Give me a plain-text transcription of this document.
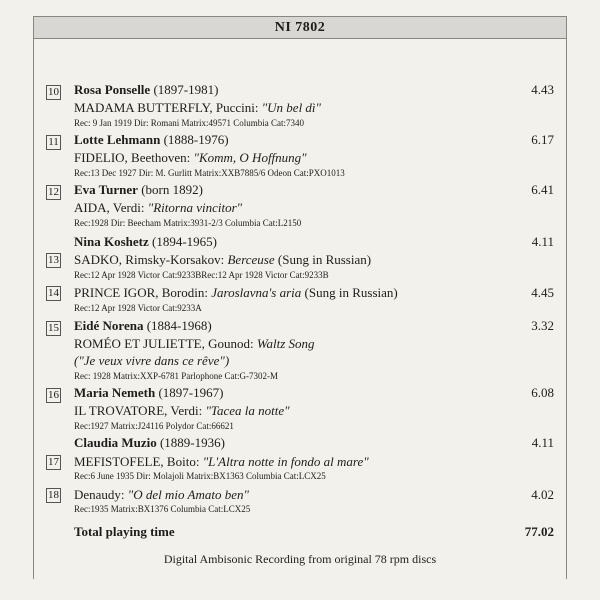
NI 7802
10 Rosa Ponselle (1897-1981)	4.43
MADAMA BUTTERFLY, Puccini: "Un bel dì"
Rec: 9 Jan 1919 Dir: Romani Matrix:49571 Columbia Cat:7340
11 Lotte Lehmann (1888-1976)	6.17
FIDELIO, Beethoven: "Komm, O Hoffnung"
Rec:13 Dec 1927 Dir: M. Gurlitt Matrix:XXB7885/6 Odeon Cat:PXO1013
12 Eva Turner (born 1892)	6.41
AIDA, Verdi: "Ritorna vincitor"
Rec:1928 Dir: Beecham Matrix:3931-2/3 Columbia Cat:L2150
Nina Koshetz (1894-1965)	4.11
13 SADKO, Rimsky-Korsakov: Berceuse (Sung in Russian)
Rec:12 Apr 1928 Victor Cat:9233BRec:12 Apr 1928 Victor Cat:9233B
14 PRINCE IGOR, Borodin: Jaroslavna's aria (Sung in Russian)	4.45
Rec:12 Apr 1928 Victor Cat:9233A
15 Eidé Norena (1884-1968)	3.32
ROMÉO ET JULIETTE, Gounod: Waltz Song
("Je veux vivre dans ce rêve")
Rec: 1928 Matrix:XXP-6781 Parlophone Cat:G-7302-M
16 Maria Nemeth (1897-1967)	6.08
IL TROVATORE, Verdi: "Tacea la notte"
Rec:1927 Matrix:J24116 Polydor Cat:66621
Claudia Muzio (1889-1936)	4.11
17 MEFISTOFELE, Boito: "L'Altra notte in fondo al mare"
Rec:6 June 1935 Dir: Molajoli Matrix:BX1363 Columbia Cat:LCX25
18 Denaudy: "O del mio Amato ben"	4.02
Rec:1935 Matrix:BX1376 Columbia Cat:LCX25
Total playing time	77.02
Digital Ambisonic Recording from original 78 rpm discs
